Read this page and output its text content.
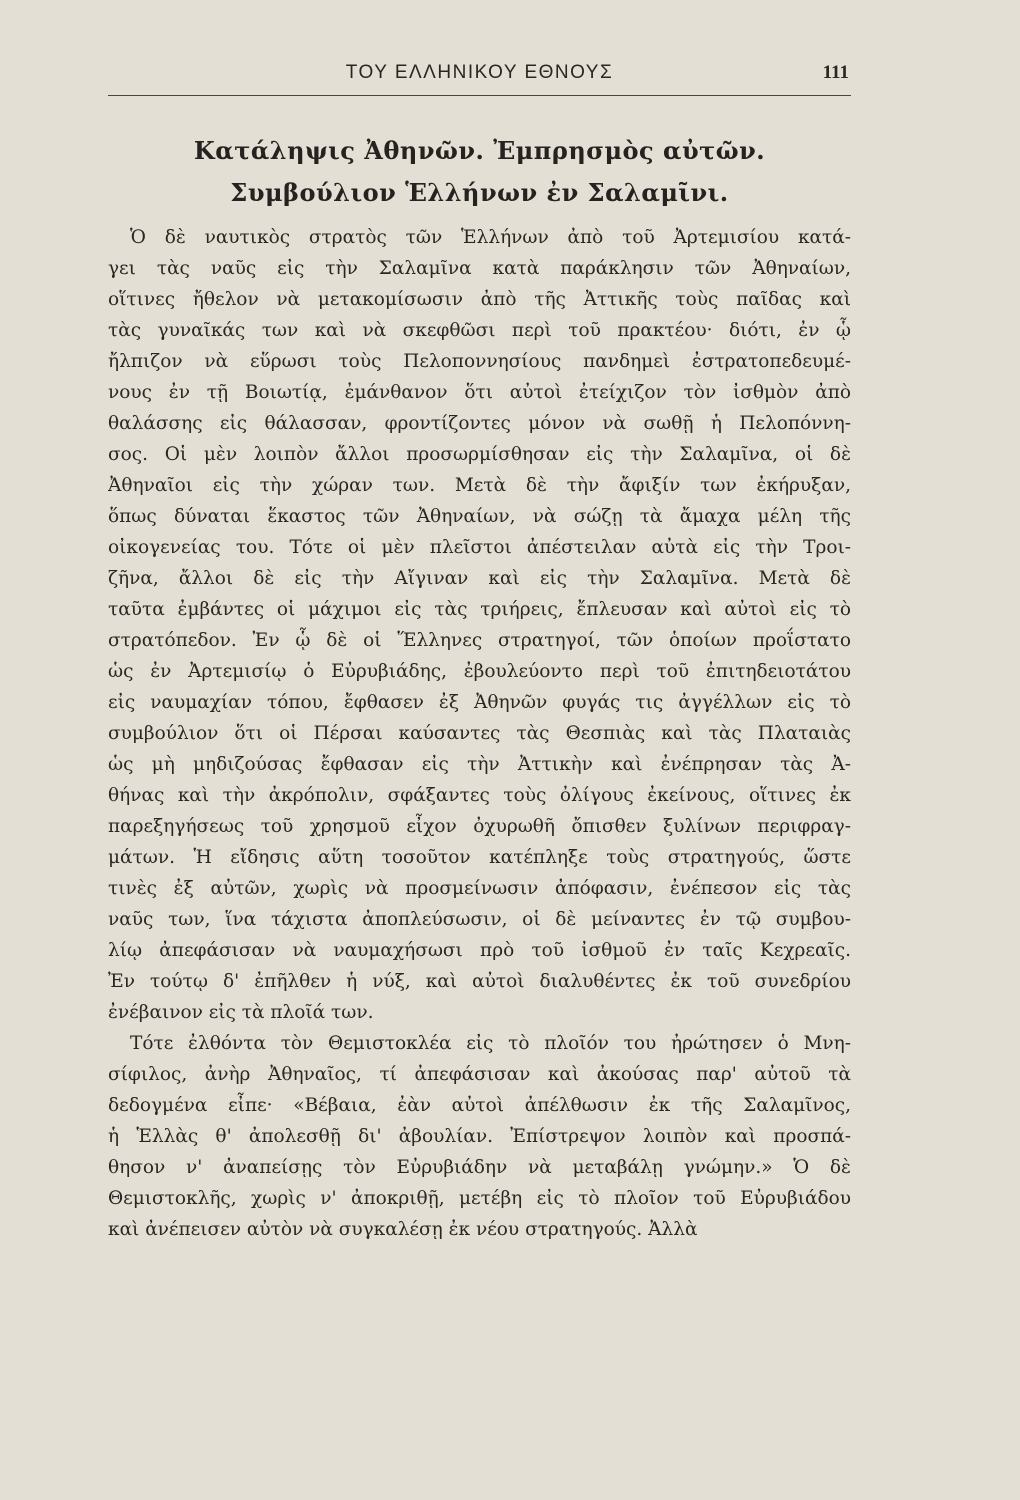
ΤΟΥ ΕΛΛΗΝΙΚΟΥ ΕΘΝΟΥΣ	111
Κατάληψις Ἀθηνῶν. Ἐμπρησμὸς αὐτῶν.
Συμβούλιον Ἑλλήνων ἐν Σαλαμῖνι.
Ὁ δὲ ναυτικὸς στρατὸς τῶν Ἑλλήνων ἀπὸ τοῦ Ἀρτεμισίου κατά-
γει τὰς ναῦς εἰς τὴν Σαλαμῖνα κατὰ παράκλησιν τῶν Ἀθηναίων,
οἵτινες ἤθελον νὰ μετακομίσωσιν ἀπὸ τῆς Ἀττικῆς τοὺς παῖδας καὶ
τὰς γυναῖκάς των καὶ νὰ σκεφθῶσι περὶ τοῦ πρακτέου· διότι, ἐν ᾧ
ἤλπιζον νὰ εὕρωσι τοὺς Πελοποννησίους πανδημεὶ ἐστρατοπεδευμέ-
νους ἐν τῇ Βοιωτίᾳ, ἐμάνθανον ὅτι αὐτοὶ ἐτείχιζον τὸν ἰσθμὸν ἀπὸ
θαλάσσης εἰς θάλασσαν, φροντίζοντες μόνον νὰ σωθῇ ἡ Πελοπόννη-
σος. Οἱ μὲν λοιπὸν ἄλλοι προσωρμίσθησαν εἰς τὴν Σαλαμῖνα, οἱ δὲ
Ἀθηναῖοι εἰς τὴν χώραν των. Μετὰ δὲ τὴν ἄφιξίν των ἐκήρυξαν,
ὅπως δύναται ἕκαστος τῶν Ἀθηναίων, νὰ σώζῃ τὰ ἄμαχα μέλη τῆς
οἰκογενείας του. Τότε οἱ μὲν πλεῖστοι ἀπέστειλαν αὐτὰ εἰς τὴν Τροι-
ζῆνα, ἄλλοι δὲ εἰς τὴν Αἴγιναν καὶ εἰς τὴν Σαλαμῖνα. Μετὰ δὲ
ταῦτα ἐμβάντες οἱ μάχιμοι εἰς τὰς τριήρεις, ἔπλευσαν καὶ αὐτοὶ εἰς τὸ
στρατόπεδον. Ἐν ᾧ δὲ οἱ Ἕλληνες στρατηγοί, τῶν ὁποίων προΐστατο
ὡς ἐν Ἀρτεμισίῳ ὁ Εὐρυβιάδης, ἐβουλεύοντο περὶ τοῦ ἐπιτηδειοτάτου
εἰς ναυμαχίαν τόπου, ἔφθασεν ἐξ Ἀθηνῶν φυγάς τις ἀγγέλλων εἰς τὸ
συμβούλιον ὅτι οἱ Πέρσαι καύσαντες τὰς Θεσπιὰς καὶ τὰς Πλαταιὰς
ὡς μὴ μηδιζούσας ἔφθασαν εἰς τὴν Ἀττικὴν καὶ ἐνέπρησαν τὰς Ἀ-
θήνας καὶ τὴν ἀκρόπολιν, σφάξαντες τοὺς ὀλίγους ἐκείνους, οἵτινες ἐκ
παρεξηγήσεως τοῦ χρησμοῦ εἶχον ὀχυρωθῆ ὄπισθεν ξυλίνων περιφραγ-
μάτων. Ἡ εἴδησις αὕτη τοσοῦτον κατέπληξε τοὺς στρατηγούς, ὥστε
τινὲς ἐξ αὐτῶν, χωρὶς νὰ προσμείνωσιν ἀπόφασιν, ἐνέπεσον εἰς τὰς
ναῦς των, ἵνα τάχιστα ἀποπλεύσωσιν, οἱ δὲ μείναντες ἐν τῷ συμβου-
λίῳ ἀπεφάσισαν νὰ ναυμαχήσωσι πρὸ τοῦ ἰσθμοῦ ἐν ταῖς Κεχρεαῖς.
Ἐν τούτῳ δ' ἐπῆλθεν ἡ νύξ, καὶ αὐτοὶ διαλυθέντες ἐκ τοῦ συνεδρίου
ἐνέβαινον εἰς τὰ πλοῖά των.
Τότε ἐλθόντα τὸν Θεμιστοκλέα εἰς τὸ πλοῖόν του ἠρώτησεν ὁ Μνη-
σίφιλος, ἀνὴρ Ἀθηναῖος, τί ἀπεφάσισαν καὶ ἀκούσας παρ' αὐτοῦ τὰ
δεδογμένα εἶπε· «Βέβαια, ἐὰν αὐτοὶ ἀπέλθωσιν ἐκ τῆς Σαλαμῖνος,
ἡ Ἑλλὰς θ' ἀπολεσθῇ δι' ἀβουλίαν. Ἐπίστρεψον λοιπὸν καὶ προσπά-
θησον ν' ἀναπείσῃς τὸν Εὐρυβιάδην νὰ μεταβάλῃ γνώμην.» Ὁ δὲ
Θεμιστοκλῆς, χωρὶς ν' ἀποκριθῇ, μετέβη εἰς τὸ πλοῖον τοῦ Εὐρυβιάδου
καὶ ἀνέπεισεν αὐτὸν νὰ συγκαλέσῃ ἐκ νέου στρατηγούς. Ἀλλὰ
